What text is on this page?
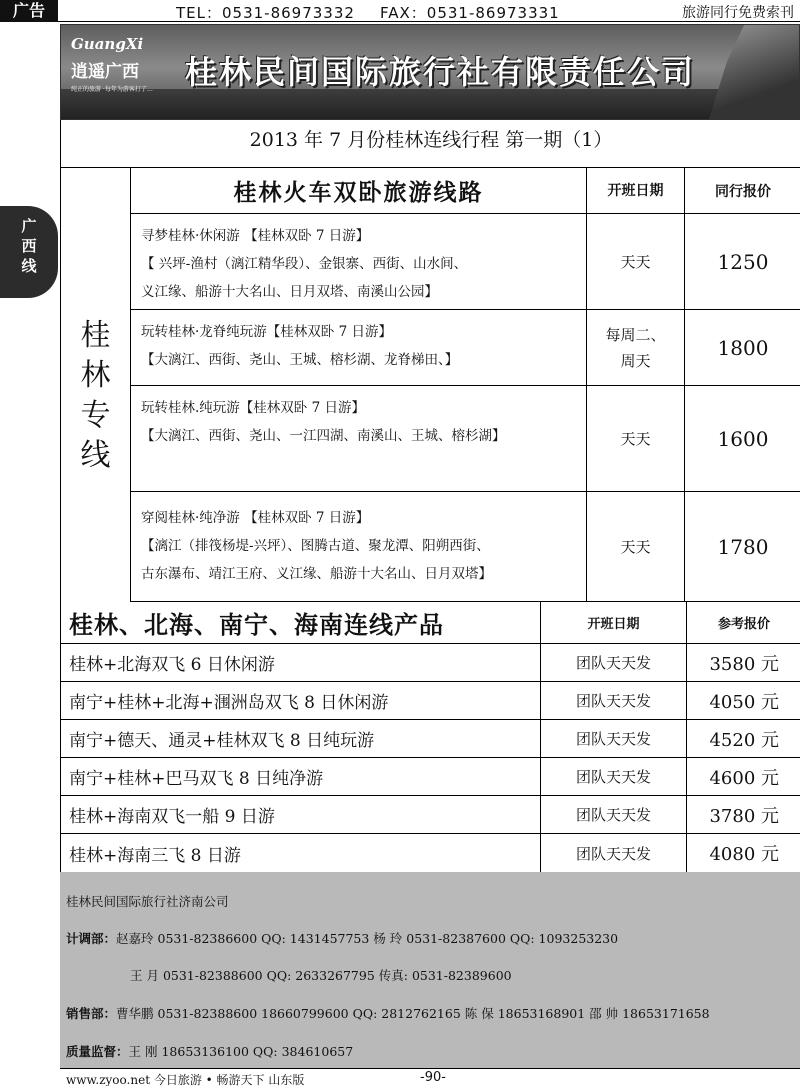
广告	TEL：0531-86973332 FAX：0531-86973331	旅游同行免费索刊
广西线
GuangXi
逍遥广西
纯正的旅游 ·每年为游客打了…	桂林民间国际旅行社有限责任公司
2013 年 7 月份桂林连线行程 第一期（1）
桂林专线
桂林火车双卧旅游线路	开班日期	同行报价

寻梦桂林·休闲游 【桂林双卧 7 日游】

【 兴坪-渔村（漓江精华段）、金银寨、西街、山水间、

义江缘、船游十大名山、日月双塔、南溪山公园】

天天	1250

玩转桂林·龙脊纯玩游【桂林双卧 7 日游】

【大漓江、西街、尧山、王城、榕杉湖、龙脊梯田、】

每周二、周天
1800

玩转桂林.纯玩游【桂林双卧 7 日游】

【大漓江、西街、尧山、一江四湖、南溪山、王城、榕杉湖】	天天	1600

穿阅桂林·纯净游 【桂林双卧 7 日游】

【漓江（排筏杨堤-兴坪）、图腾古道、聚龙潭、阳朔西街、

古东瀑布、靖江王府、义江缘、船游十大名山、日月双塔】

天天	1780
桂林、北海、南宁、海南连线产品	开班日期	参考报价
桂林+北海双飞 6 日休闲游	团队天天发	3580 元
南宁+桂林+北海+涠洲岛双飞 8 日休闲游	团队天天发	4050 元
南宁+德天、通灵+桂林双飞 8 日纯玩游	团队天天发	4520 元
南宁+桂林+巴马双飞 8 日纯净游	团队天天发	4600 元
桂林+海南双飞一船 9 日游	团队天天发	3780 元
桂林+海南三飞 8 日游	团队天天发	4080 元
桂林民间国际旅行社济南公司
计调部：赵嘉玲 0531-82386600 QQ: 1431457753 杨 玲 0531-82387600 QQ: 1093253230
王 月 0531-82388600 QQ: 2633267795 传真: 0531-82389600
销售部：曹华鹏 0531-82388600 18660799600 QQ: 2812762165 陈 保 18653168901 邵 帅 18653171658
质量监督：王 刚 18653136100 QQ: 384610657
www.zyoo.net 今日旅游 • 畅游天下 山东版	-90-
